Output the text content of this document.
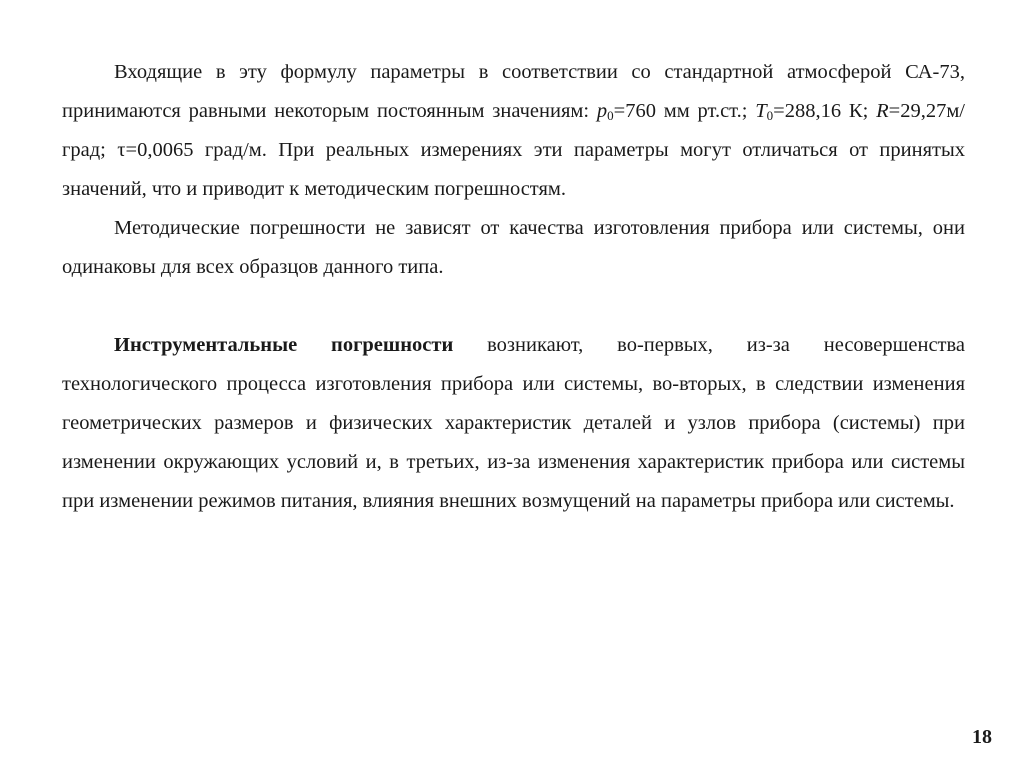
Входящие в эту формулу параметры в соответствии со стандартной атмосферой СА-73, принимаются равными некоторым постоянным значениям: $p_0=760$ мм рт.ст.; $T_0=288,16$ К; R=29,27м/град; τ=0,0065 град/м. При реальных измерениях эти параметры могут отличаться от принятых значений, что и приводит к методическим погрешностям.

Методические погрешности не зависят от качества изготовления прибора или системы, они одинаковы для всех образцов данного типа.

Инструментальные погрешности возникают, во-первых, из-за несовершенства технологического процесса изготовления прибора или системы, во-вторых, в следствии изменения геометрических размеров и физических характеристик деталей и узлов прибора (системы) при изменении окружающих условий и, в третьих, из-за изменения характеристик прибора или системы при изменении режимов питания, влияния внешних возмущений на параметры прибора или системы.

18
